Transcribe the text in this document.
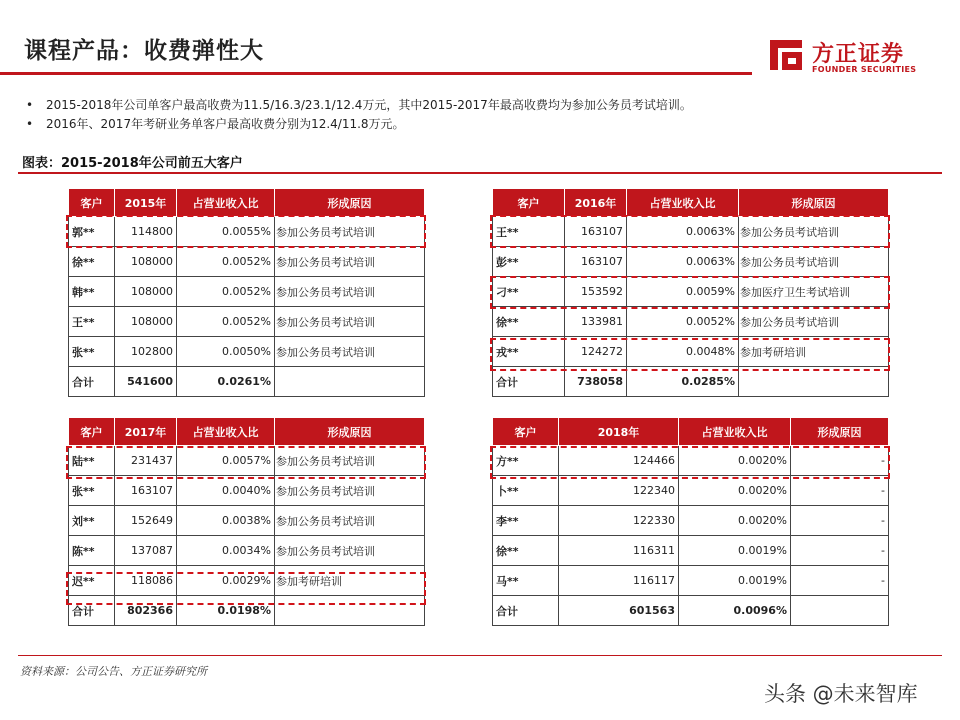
课程产品：收费弹性大	方正证券
FOUNDER SECURITIES
• 2015-2018年公司单客户最高收费为11.5/16.3/23.1/12.4万元，其中2015-2017年最高收费均为参加公务员考试培训。
• 2016年、2017年考研业务单客户最高收费分别为12.4/11.8万元。
图表：2015-2018年公司前五大客户
客户	2015年	占营业收入比	形成原因
郭**	114800	0.0055%	参加公务员考试培训
徐**	108000	0.0052%	参加公务员考试培训
韩**	108000	0.0052%	参加公务员考试培训
王**	108000	0.0052%	参加公务员考试培训
张**	102800	0.0050%	参加公务员考试培训
合计	541600	0.0261%	
客户	2016年	占营业收入比	形成原因
王**	163107	0.0063%	参加公务员考试培训
彭**	163107	0.0063%	参加公务员考试培训
刁**	153592	0.0059%	参加医疗卫生考试培训
徐**	133981	0.0052%	参加公务员考试培训
戎**	124272	0.0048%	参加考研培训
合计	738058	0.0285%	
客户	2017年	占营业收入比	形成原因
陆**	231437	0.0057%	参加公务员考试培训
张**	163107	0.0040%	参加公务员考试培训
刘**	152649	0.0038%	参加公务员考试培训
陈**	137087	0.0034%	参加公务员考试培训
迟**	118086	0.0029%	参加考研培训
合计	802366	0.0198%	
客户	2018年	占营业收入比	形成原因
方**	124466	0.0020%	-
卜**	122340	0.0020%	-
李**	122330	0.0020%	-
徐**	116311	0.0019%	-
马**	116117	0.0019%	-
合计	601563	0.0096%	
资料来源：公司公告、方正证券研究所
头条 @未来智库
